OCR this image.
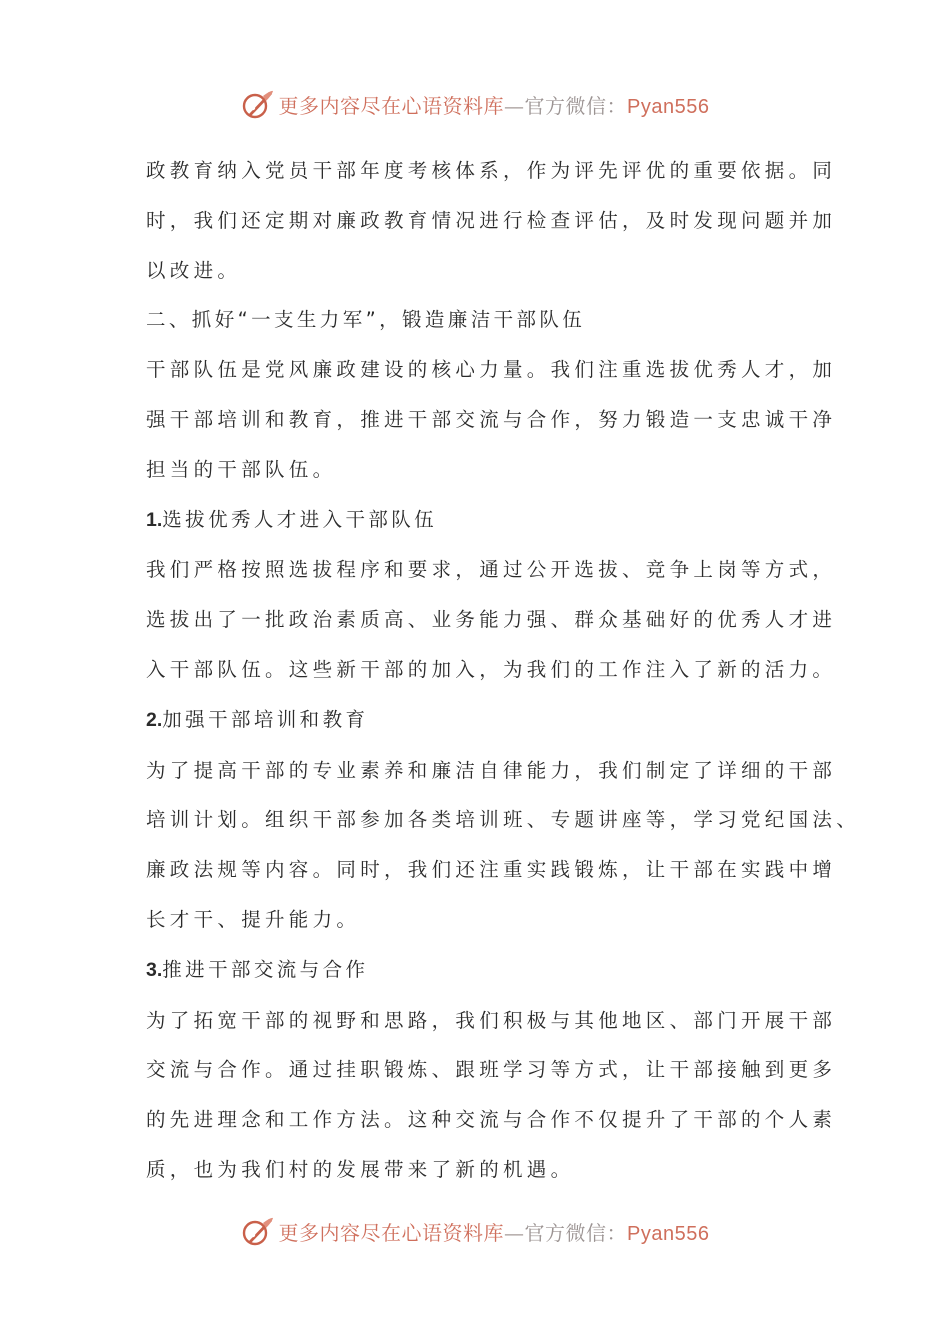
更多内容尽在心语资料库—官方微信：Pyan556

政教育纳入党员干部年度考核体系，作为评先评优的重要依据。同
时，我们还定期对廉政教育情况进行检查评估，及时发现问题并加
以改进。

二、抓好“一支生力军”，锻造廉洁干部队伍

干部队伍是党风廉政建设的核心力量。我们注重选拔优秀人才，加
强干部培训和教育，推进干部交流与合作，努力锻造一支忠诚干净
担当的干部队伍。

1.选拔优秀人才进入干部队伍

我们严格按照选拔程序和要求，通过公开选拔、竞争上岗等方式，
选拔出了一批政治素质高、业务能力强、群众基础好的优秀人才进
入干部队伍。这些新干部的加入，为我们的工作注入了新的活力。

2.加强干部培训和教育

为了提高干部的专业素养和廉洁自律能力，我们制定了详细的干部
培训计划。组织干部参加各类培训班、专题讲座等，学习党纪国法、
廉政法规等内容。同时，我们还注重实践锻炼，让干部在实践中增
长才干、提升能力。

3.推进干部交流与合作

为了拓宽干部的视野和思路，我们积极与其他地区、部门开展干部
交流与合作。通过挂职锻炼、跟班学习等方式，让干部接触到更多
的先进理念和工作方法。这种交流与合作不仅提升了干部的个人素
质，也为我们村的发展带来了新的机遇。

更多内容尽在心语资料库—官方微信：Pyan556
